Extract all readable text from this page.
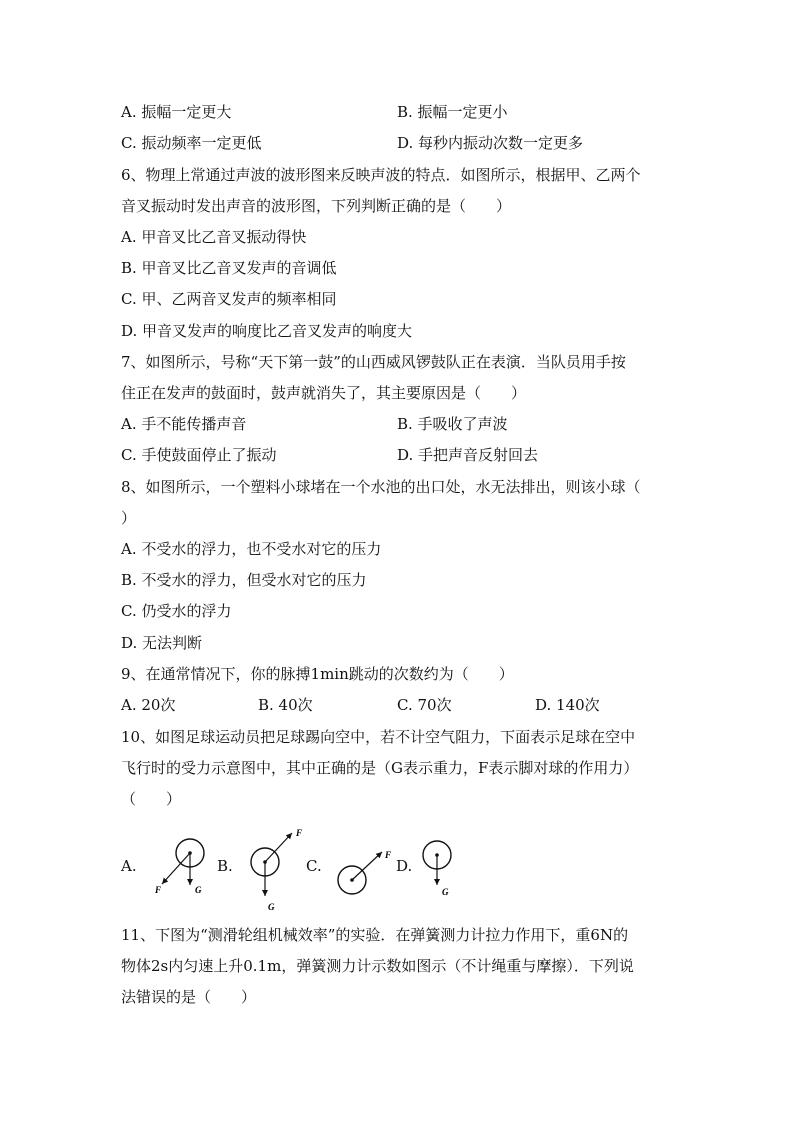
A. 振幅一定更大	B. 振幅一定更小
C. 振动频率一定更低	D. 每秒内振动次数一定更多
6、物理上常通过声波的波形图来反映声波的特点．如图所示，根据甲、乙两个
音叉振动时发出声音的波形图，下列判断正确的是（　　）
A. 甲音叉比乙音叉振动得快
B. 甲音叉比乙音叉发声的音调低
C. 甲、乙两音叉发声的频率相同
D. 甲音叉发声的响度比乙音叉发声的响度大
7、如图所示，号称“天下第一鼓”的山西威风锣鼓队正在表演．当队员用手按
住正在发声的鼓面时，鼓声就消失了，其主要原因是（　　）
A. 手不能传播声音	B. 手吸收了声波
C. 手使鼓面停止了振动	D. 手把声音反射回去
8、如图所示，一个塑料小球堵在一个水池的出口处，水无法排出，则该小球（
）
A. 不受水的浮力，也不受水对它的压力
B. 不受水的浮力，但受水对它的压力
C. 仍受水的浮力
D. 无法判断
9、在通常情况下，你的脉搏1min跳动的次数约为（　　）
A. 20次	B. 40次	C. 70次	D. 140次
10、如图足球运动员把足球踢向空中，若不计空气阻力，下面表示足球在空中
飞行时的受力示意图中，其中正确的是（G表示重力，F表示脚对球的作用力）
（　　）
A.	B.	C.	D.
F	G
F
G
F
G
11、下图为“测滑轮组机械效率”的实验．在弹簧测力计拉力作用下，重6N的
物体2s内匀速上升0.1m，弹簧测力计示数如图示（不计绳重与摩擦）．下列说
法错误的是（　　）
